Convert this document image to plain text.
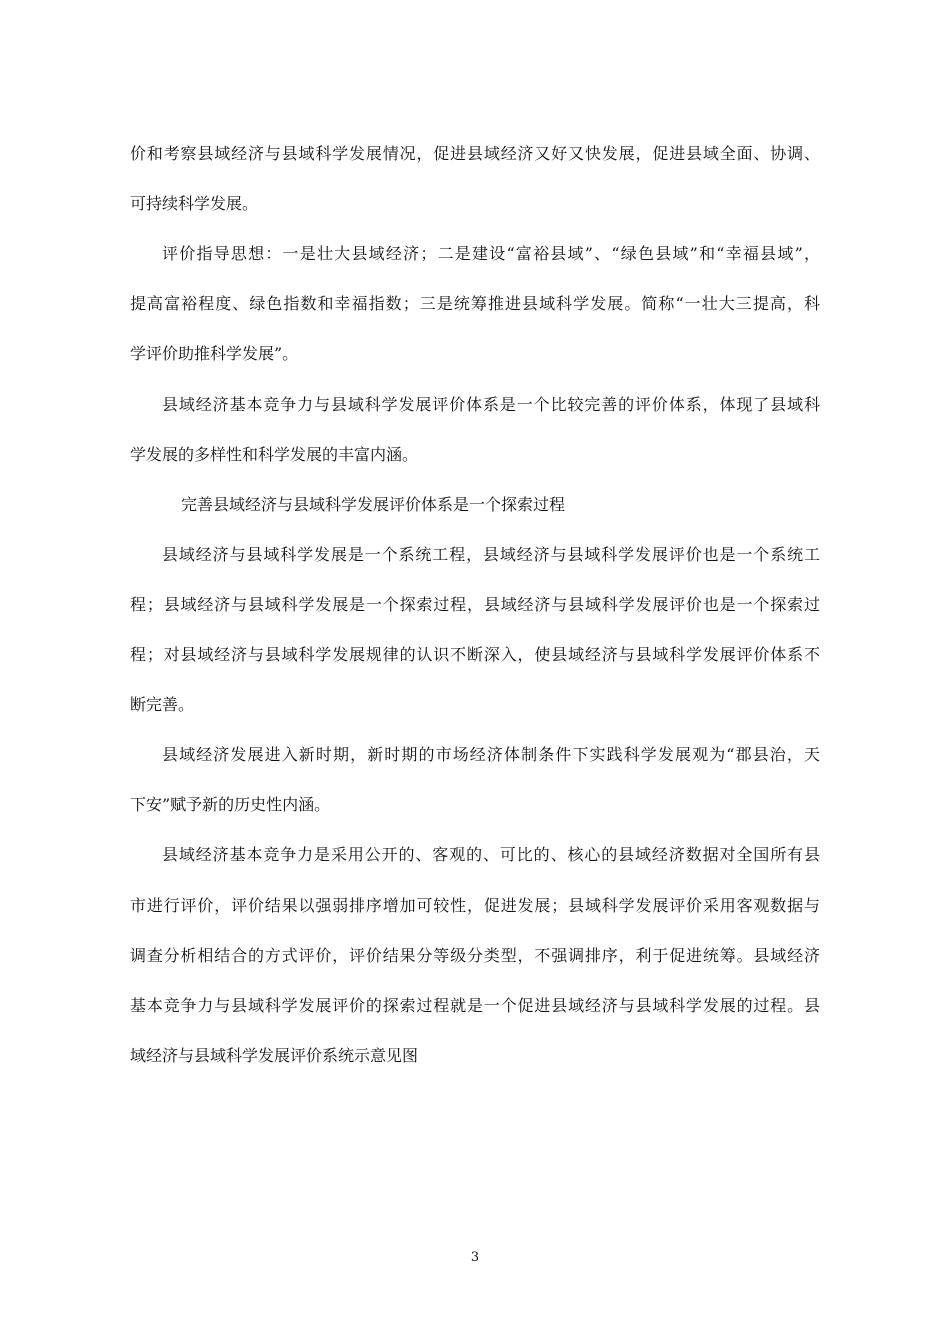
价和考察县域经济与县域科学发展情况，促进县域经济又好又快发展，促进县域全面、协调、
可持续科学发展。
评价指导思想：一是壮大县域经济；二是建设“富裕县域”、“绿色县域”和“幸福县域”，
提高富裕程度、绿色指数和幸福指数；三是统筹推进县域科学发展。简称“一壮大三提高，科
学评价助推科学发展”。
县域经济基本竞争力与县域科学发展评价体系是一个比较完善的评价体系，体现了县域科
学发展的多样性和科学发展的丰富内涵。
完善县域经济与县域科学发展评价体系是一个探索过程
县域经济与县域科学发展是一个系统工程，县域经济与县域科学发展评价也是一个系统工
程；县域经济与县域科学发展是一个探索过程，县域经济与县域科学发展评价也是一个探索过
程；对县域经济与县域科学发展规律的认识不断深入，使县域经济与县域科学发展评价体系不
断完善。
县域经济发展进入新时期，新时期的市场经济体制条件下实践科学发展观为“郡县治，天
下安”赋予新的历史性内涵。
县域经济基本竞争力是采用公开的、客观的、可比的、核心的县域经济数据对全国所有县
市进行评价，评价结果以强弱排序增加可较性，促进发展；县域科学发展评价采用客观数据与
调查分析相结合的方式评价，评价结果分等级分类型，不强调排序，利于促进统筹。县域经济
基本竞争力与县域科学发展评价的探索过程就是一个促进县域经济与县域科学发展的过程。县
域经济与县域科学发展评价系统示意见图
3
